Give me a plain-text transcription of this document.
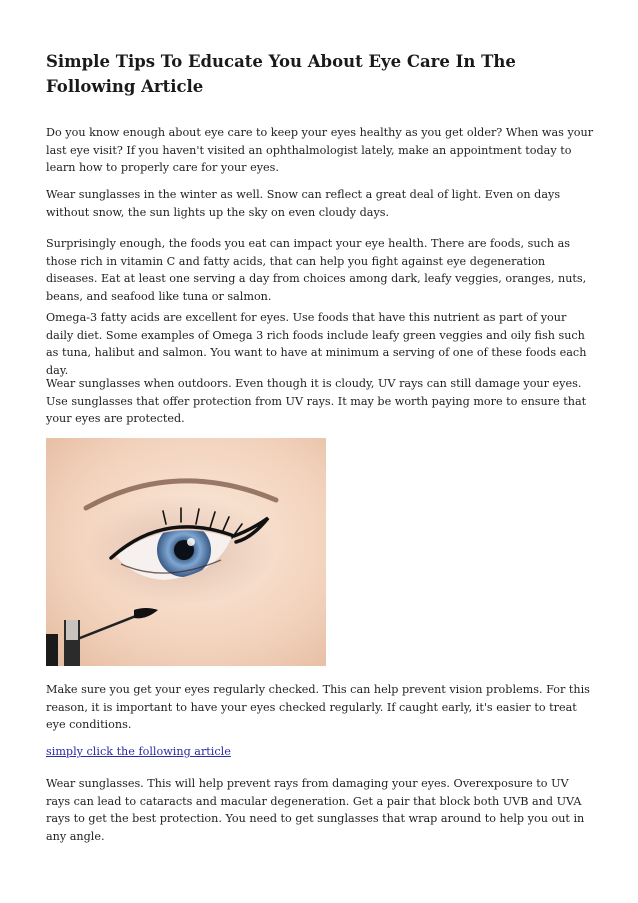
Simple Tips To Educate You About Eye Care In The Following Article

Do you know enough about eye care to keep your eyes healthy as you get older? When was your last eye visit? If you haven't visited an ophthalmologist lately, make an appointment today to learn how to properly care for your eyes.

Wear sunglasses in the winter as well. Snow can reflect a great deal of light. Even on days without snow, the sun lights up the sky on even cloudy days.

Surprisingly enough, the foods you eat can impact your eye health. There are foods, such as those rich in vitamin C and fatty acids, that can help you fight against eye degeneration diseases. Eat at least one serving a day from choices among dark, leafy veggies, oranges, nuts, beans, and seafood like tuna or salmon.

Omega-3 fatty acids are excellent for eyes. Use foods that have this nutrient as part of your daily diet. Some examples of Omega 3 rich foods include leafy green veggies and oily fish such as tuna, halibut and salmon. You want to have at minimum a serving of one of these foods each day.

Wear sunglasses when outdoors. Even though it is cloudy, UV rays can still damage your eyes. Use sunglasses that offer protection from UV rays. It may be worth paying more to ensure that your eyes are protected.

Make sure you get your eyes regularly checked. This can help prevent vision problems. For this reason, it is important to have your eyes checked regularly. If caught early, it's easier to treat eye conditions.

simply click the following article

Wear sunglasses. This will help prevent rays from damaging your eyes. Overexposure to UV rays can lead to cataracts and macular degeneration. Get a pair that block both UVB and UVA rays to get the best protection. You need to get sunglasses that wrap around to help you out in any angle.
